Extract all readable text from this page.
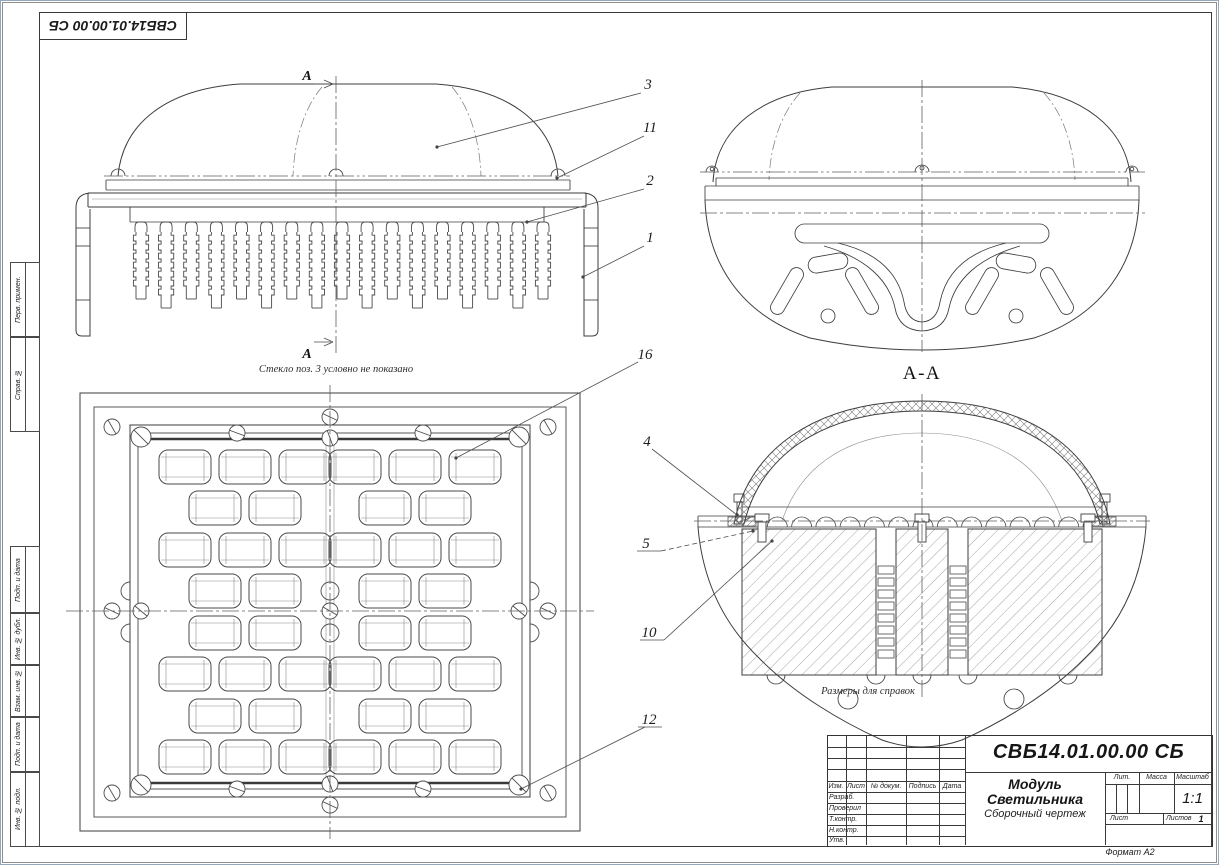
СВБ14.01.00.00 СБ
Перв. примен.
Справ. №
Подп. и дата
Инв. № дубл.
Взам. инв. №
Подп. и дата
Инв. № подл.
А
А
Стекло поз. 3 условно не показано	А-А
Размеры для справок
3
11
2
1
16
12
4
5
10
Изм. Лист № докум.	Подпись Дата
Разраб.
Проверил
Т.контр.
Н.контр.
Утв.
СВБ14.01.00.00 СБ
Модуль
Светильника
Сборочный чертеж
Лит.	Масса	Масштаб
1:1
Лист	Листов 1
Формат А2
